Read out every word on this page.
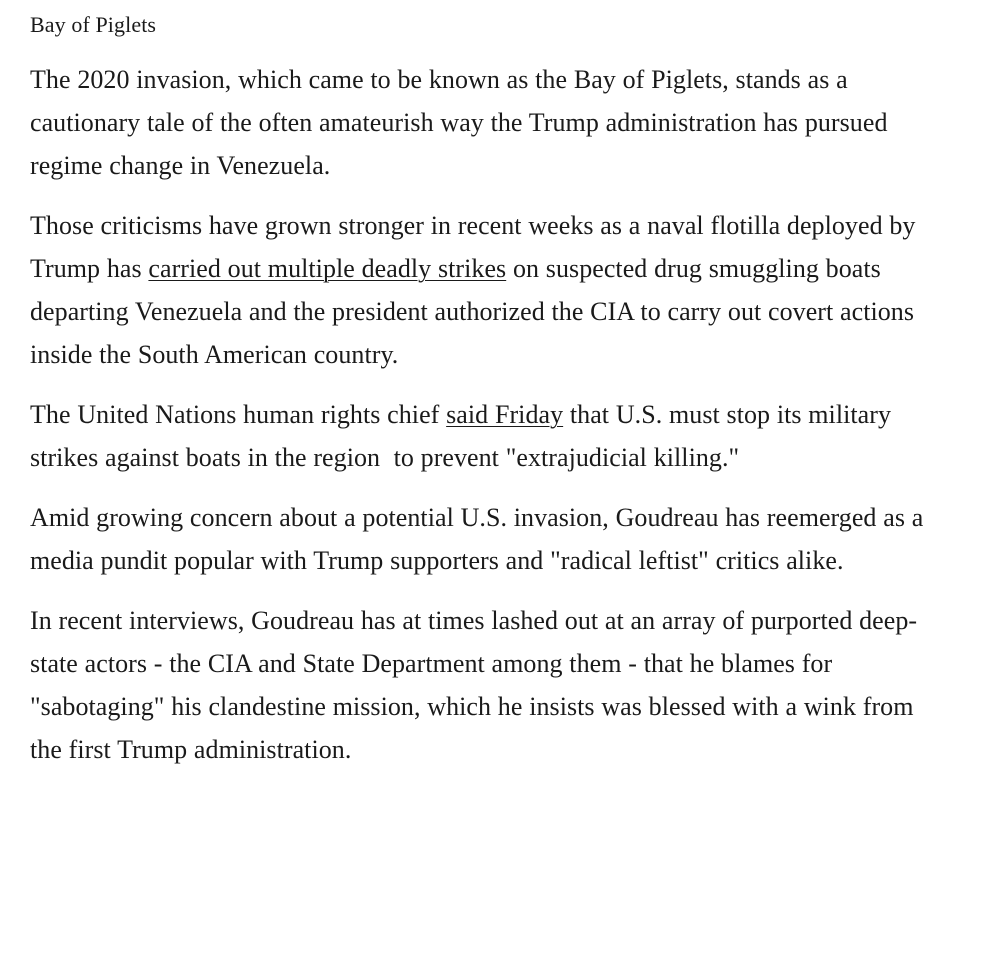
Bay of Piglets

The 2020 invasion, which came to be known as the Bay of Piglets, stands as a cautionary tale of the often amateurish way the Trump administration has pursued regime change in Venezuela.

Those criticisms have grown stronger in recent weeks as a naval flotilla deployed by Trump has carried out multiple deadly strikes on suspected drug smuggling boats departing Venezuela and the president authorized the CIA to carry out covert actions inside the South American country.

The United Nations human rights chief said Friday that U.S. must stop its military strikes against boats in the region  to prevent "extrajudicial killing."

Amid growing concern about a potential U.S. invasion, Goudreau has reemerged as a media pundit popular with Trump supporters and "radical leftist" critics alike.

In recent interviews, Goudreau has at times lashed out at an array of purported deep-state actors - the CIA and State Department among them - that he blames for "sabotaging" his clandestine mission, which he insists was blessed with a wink from the first Trump administration.
